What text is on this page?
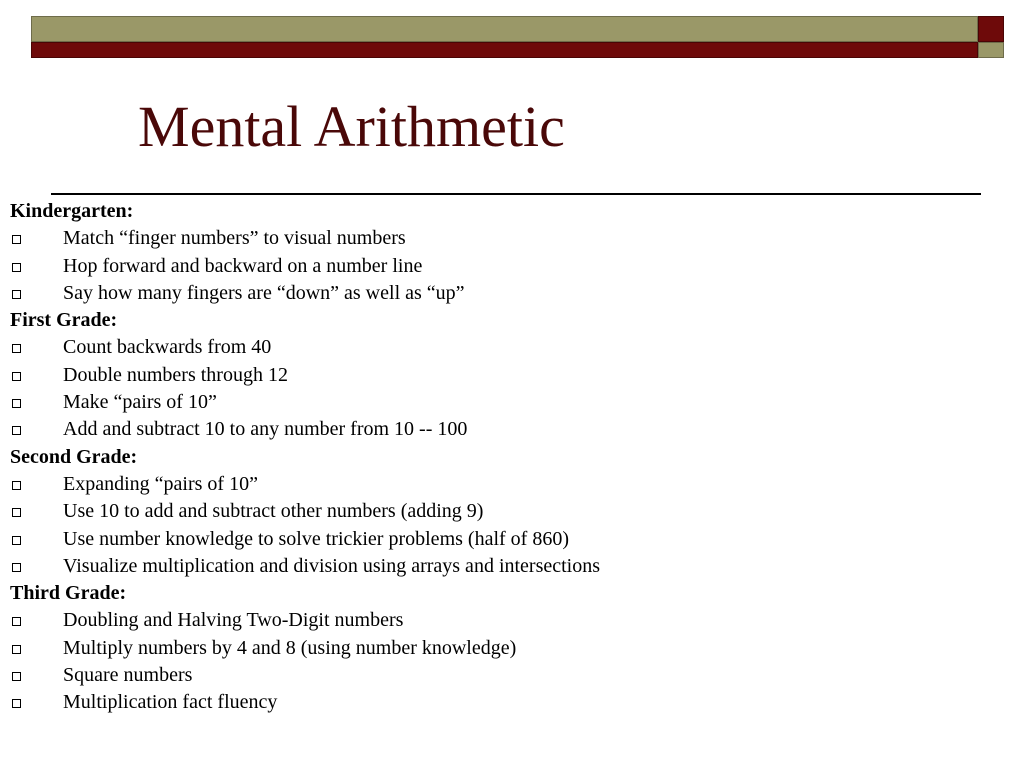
Mental Arithmetic
Kindergarten:
Match “finger numbers” to visual numbers
Hop forward and backward on a number line
Say how many fingers are “down” as well as “up”
First Grade:
Count backwards from 40
Double numbers through 12
Make “pairs of 10”
Add and subtract 10 to any number from 10 -- 100
Second Grade:
Expanding “pairs of 10”
Use 10 to add and subtract other numbers (adding 9)
Use number knowledge to solve trickier problems (half of 860)
Visualize multiplication and division using arrays and intersections
Third Grade:
Doubling and Halving Two-Digit numbers
Multiply numbers by 4 and 8 (using number knowledge)
Square numbers
Multiplication fact fluency
